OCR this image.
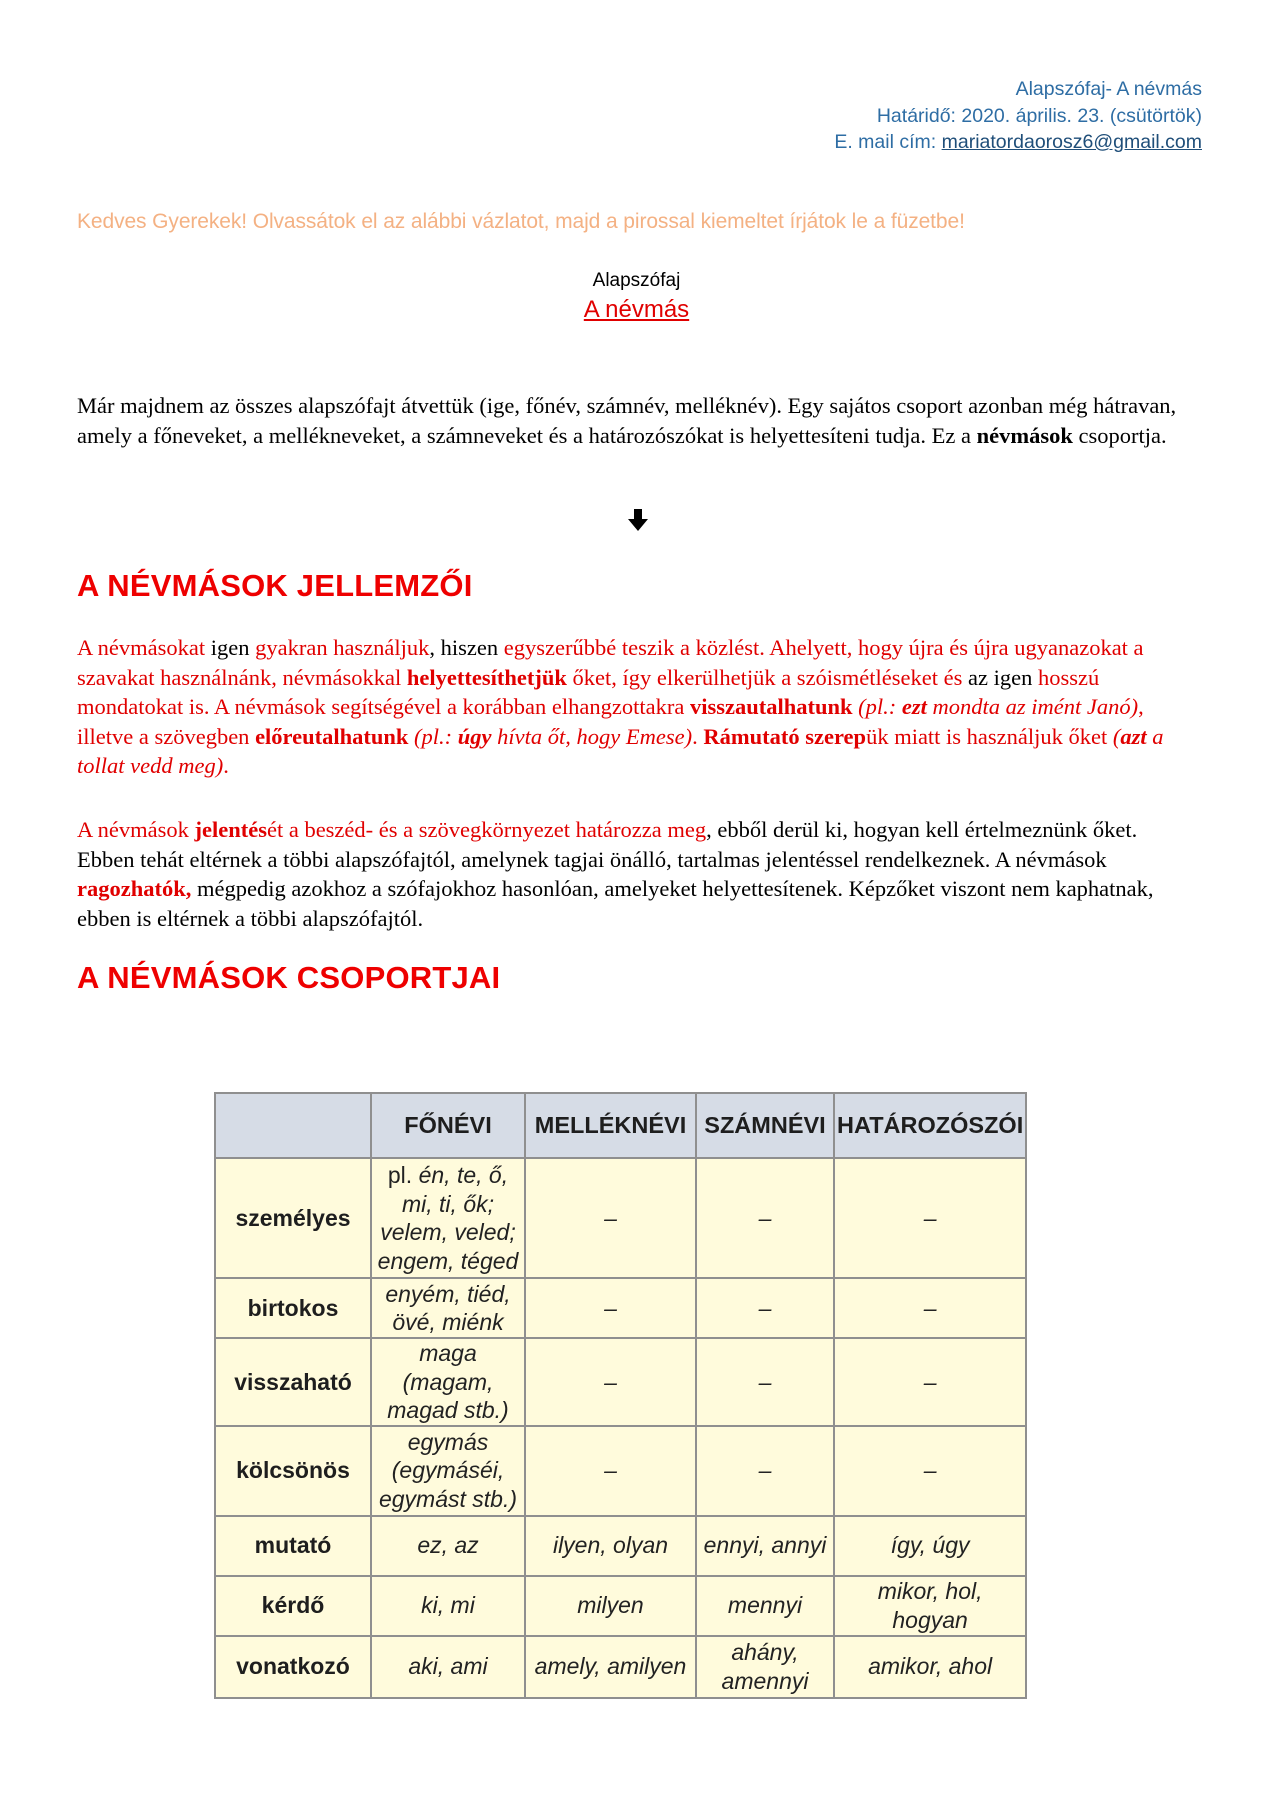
Alapszófaj- A névmás
Határidő: 2020. április. 23. (csütörtök)
E. mail cím: mariatordaorosz6@gmail.com
Kedves Gyerekek! Olvassátok el az alábbi vázlatot, majd a pirossal kiemeltet írjátok le a füzetbe!
Alapszófaj
A névmás
Már majdnem az összes alapszófajt átvettük (ige, főnév, számnév, melléknév). Egy sajátos csoport azonban még hátravan, amely a főneveket, a mellékneveket, a számneveket és a határozószókat is helyettesíteni tudja. Ez a névmások csoportja.
A NÉVMÁSOK JELLEMZŐI
A névmásokat igen gyakran használjuk, hiszen egyszerűbbé teszik a közlést. Ahelyett, hogy újra és újra ugyanazokat a szavakat használnánk, névmásokkal helyettesíthetjük őket, így elkerülhetjük a szóismétléseket és az igen hosszú mondatokat is. A névmások segítségével a korábban elhangzottakra visszautalhatunk (pl.: ezt mondta az imént Janó), illetve a szövegben előreutalhatunk (pl.: úgy hívta őt, hogy Emese). Rámutató szerepük miatt is használjuk őket (azt a tollat vedd meg).
A névmások jelentését a beszéd- és a szövegkörnyezet határozza meg, ebből derül ki, hogyan kell értelmeznünk őket. Ebben tehát eltérnek a többi alapszófajtól, amelynek tagjai önálló, tartalmas jelentéssel rendelkeznek. A névmások ragozhatók, mégpedig azokhoz a szófajokhoz hasonlóan, amelyeket helyettesítenek. Képzőket viszont nem kaphatnak, ebben is eltérnek a többi alapszófajtól.
A NÉVMÁSOK CSOPORTJAI
	FŐNÉVI	MELLÉKNÉVI	SZÁMNÉVI	HATÁROZÓSZÓI
személyes	pl. én, te, ő, mi, ti, ők; velem, veled; engem, téged	–	–	–
birtokos	enyém, tiéd, övé, miénk	–	–	–
visszaható	maga (magam, magad stb.)	–	–	–
kölcsönös	egymás (egymáséi, egymást stb.)	–	–	–
mutató	ez, az	ilyen, olyan	ennyi, annyi	így, úgy
kérdő	ki, mi	milyen	mennyi	mikor, hol, hogyan
vonatkozó	aki, ami	amely, amilyen	ahány, amennyi	amikor, ahol
